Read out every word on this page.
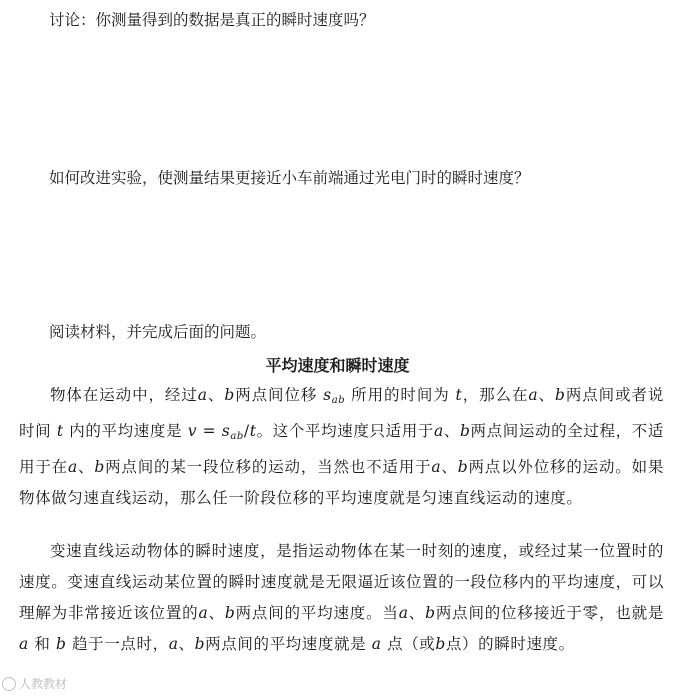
讨论：你测量得到的数据是真正的瞬时速度吗？
如何改进实验，使测量结果更接近小车前端通过光电门时的瞬时速度？
阅读材料，并完成后面的问题。
平均速度和瞬时速度
物体在运动中，经过a、b两点间位移 $s_{ab}$ 所用的时间为 t，那么在a、b两点间或者说时间 t 内的平均速度是 $v = s_{ab}/t$。这个平均速度只适用于a、b两点间运动的全过程，不适用于在a、b两点间的某一段位移的运动，当然也不适用于a、b两点以外位移的运动。如果物体做匀速直线运动，那么任一阶段位移的平均速度就是匀速直线运动的速度。
变速直线运动物体的瞬时速度，是指运动物体在某一时刻的速度，或经过某一位置时的速度。变速直线运动某位置的瞬时速度就是无限逼近该位置的一段位移内的平均速度，可以理解为非常接近该位置的a、b两点间的平均速度。当a、b两点间的位移接近于零，也就是 a 和 b 趋于一点时，a、b两点间的平均速度就是 a 点（或b点）的瞬时速度。
人教教材
